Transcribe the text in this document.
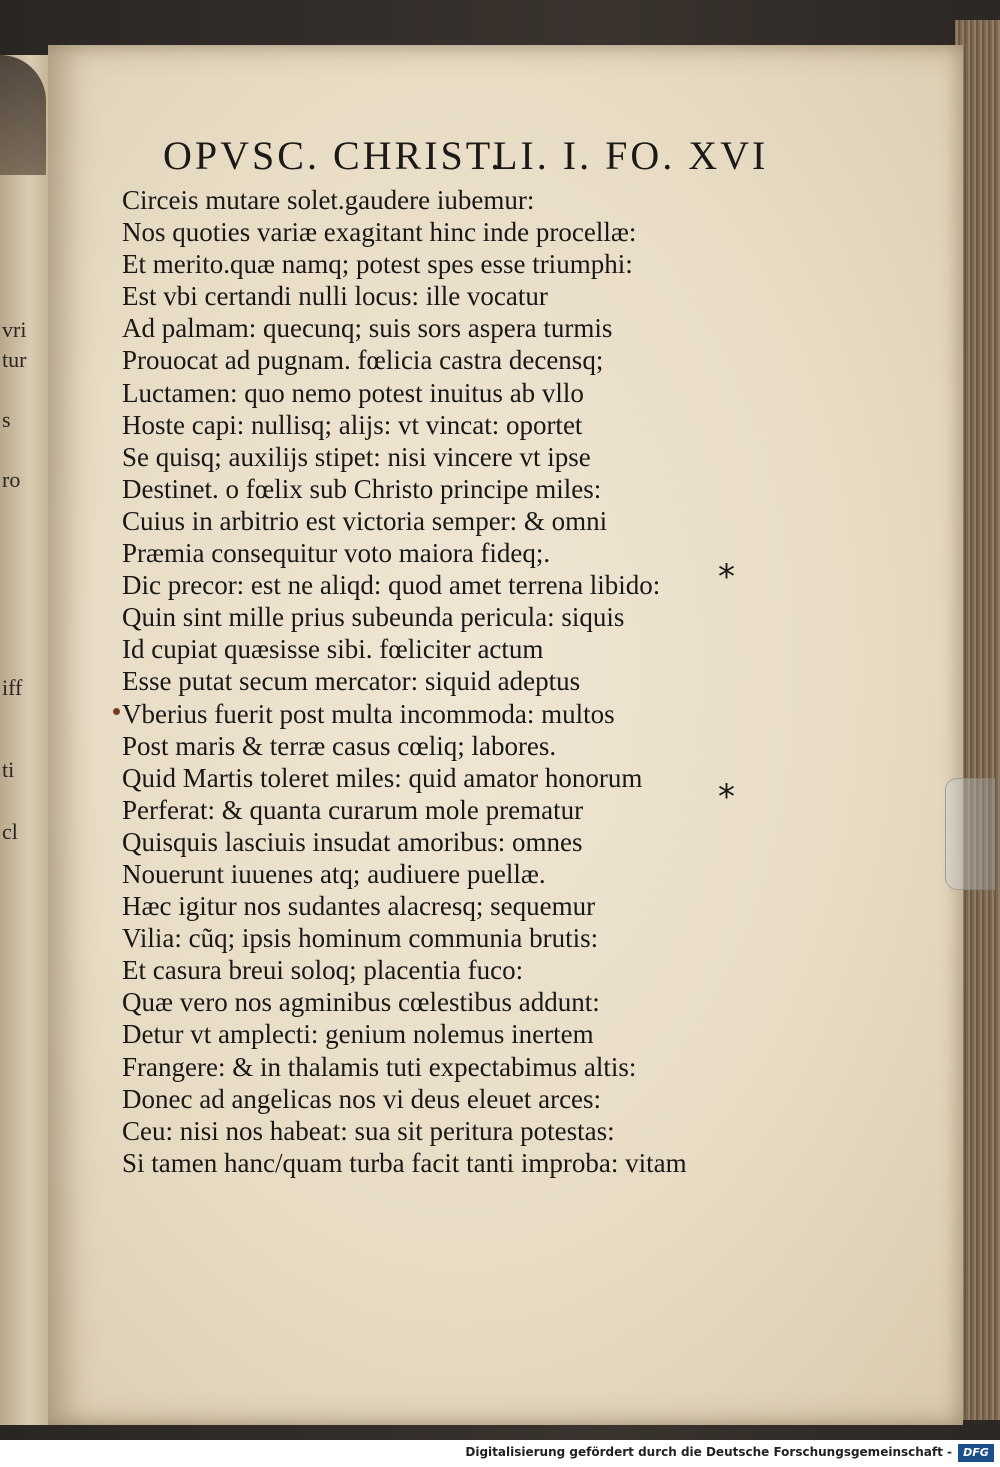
vri
tur
s
ro
iff
ti
cl
OPVSC. CHRIST.LI. I. FO. XVI
Circeis mutare solet.gaudere iubemur:
Nos quoties variæ exagitant hinc inde procellæ:
Et merito.quæ namq; potest spes esse triumphi:
Est vbi certandi nulli locus: ille vocatur
Ad palmam: quecunq; suis sors aspera turmis
Prouocat ad pugnam. fœlicia castra decensq;
Luctamen: quo nemo potest inuitus ab vllo
Hoste capi: nullisq; alijs: vt vincat: oportet
Se quisq; auxilijs stipet: nisi vincere vt ipse
Destinet. o fœlix sub Christo principe miles:
Cuius in arbitrio est victoria semper: & omni
Præmia consequitur voto maiora fideq;.
Dic precor: est ne aliqd: quod amet terrena libido:
Quin sint mille prius subeunda pericula: siquis
Id cupiat quæsisse sibi. fœliciter actum
Esse putat secum mercator: siquid adeptus
Vberius fuerit post multa incommoda: multos
Post maris & terræ casus cœliq; labores.
Quid Martis toleret miles: quid amator honorum
Perferat: & quanta curarum mole prematur
Quisquis lasciuis insudat amoribus: omnes
Nouerunt iuuenes atq; audiuere puellæ.
Hæc igitur nos sudantes alacresq; sequemur
Vilia: cũq; ipsis hominum communia brutis:
Et casura breui soloq; placentia fuco:
Quæ vero nos agminibus cœlestibus addunt:
Detur vt amplecti: genium nolemus inertem
Frangere: & in thalamis tuti expectabimus altis:
Donec ad angelicas nos vi deus eleuet arces:
Ceu: nisi nos habeat: sua sit peritura potestas:
Si tamen hanc/quam turba facit tanti improba: vitam
*
*
Digitalisierung gefördert durch die Deutsche Forschungsgemeinschaft -	DFG
